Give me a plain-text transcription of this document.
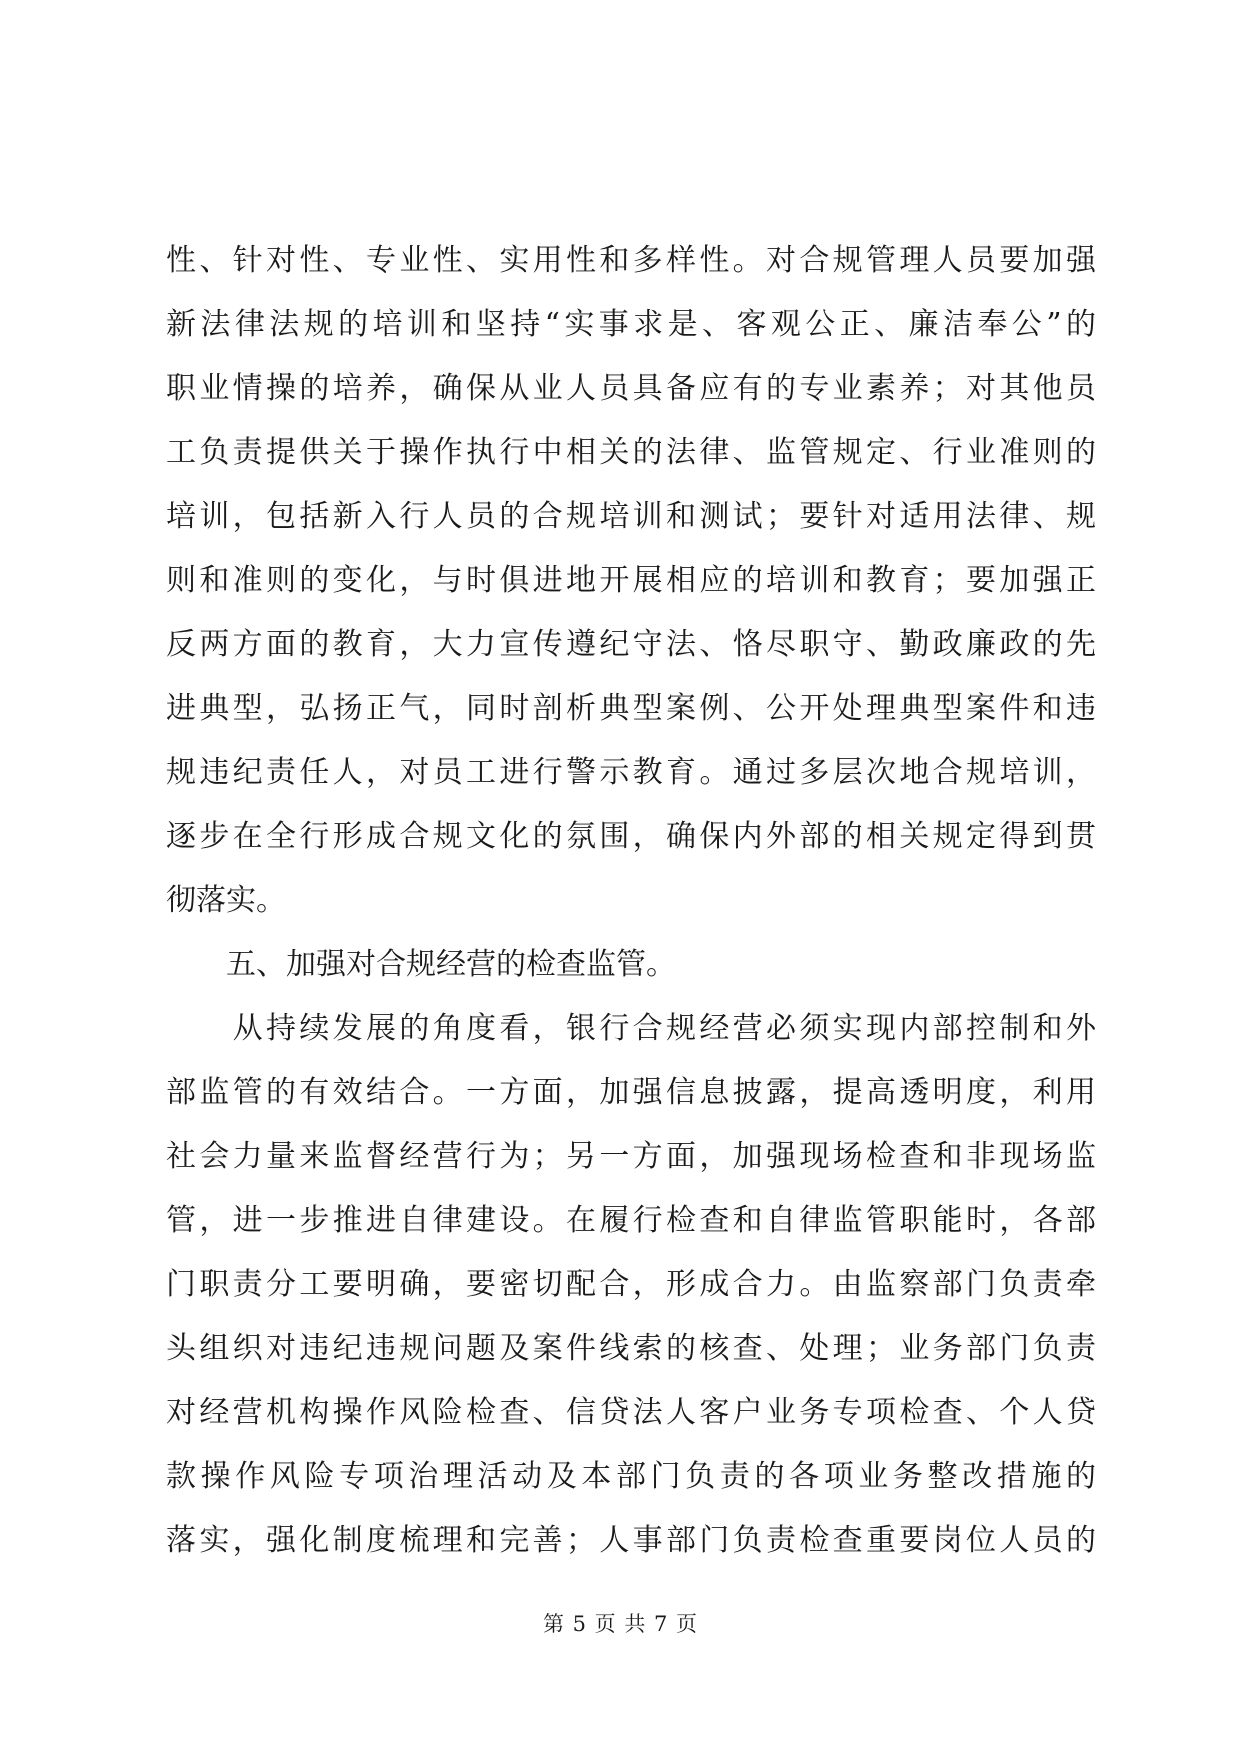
性、针对性、专业性、实用性和多样性。对合规管理人员要加强
新法律法规的培训和坚持“实事求是、客观公正、廉洁奉公”的
职业情操的培养，确保从业人员具备应有的专业素养；对其他员
工负责提供关于操作执行中相关的法律、监管规定、行业准则的
培训，包括新入行人员的合规培训和测试；要针对适用法律、规
则和准则的变化，与时俱进地开展相应的培训和教育；要加强正
反两方面的教育，大力宣传遵纪守法、恪尽职守、勤政廉政的先
进典型，弘扬正气，同时剖析典型案例、公开处理典型案件和违
规违纪责任人，对员工进行警示教育。通过多层次地合规培训，
逐步在全行形成合规文化的氛围，确保内外部的相关规定得到贯
彻落实。
　　五、加强对合规经营的检查监管。
　　从持续发展的角度看，银行合规经营必须实现内部控制和外
部监管的有效结合。一方面，加强信息披露，提高透明度，利用
社会力量来监督经营行为；另一方面，加强现场检查和非现场监
管，进一步推进自律建设。在履行检查和自律监管职能时，各部
门职责分工要明确，要密切配合，形成合力。由监察部门负责牵
头组织对违纪违规问题及案件线索的核查、处理；业务部门负责
对经营机构操作风险检查、信贷法人客户业务专项检查、个人贷
款操作风险专项治理活动及本部门负责的各项业务整改措施的
落实，强化制度梳理和完善；人事部门负责检查重要岗位人员的
第 5 页 共 7 页
